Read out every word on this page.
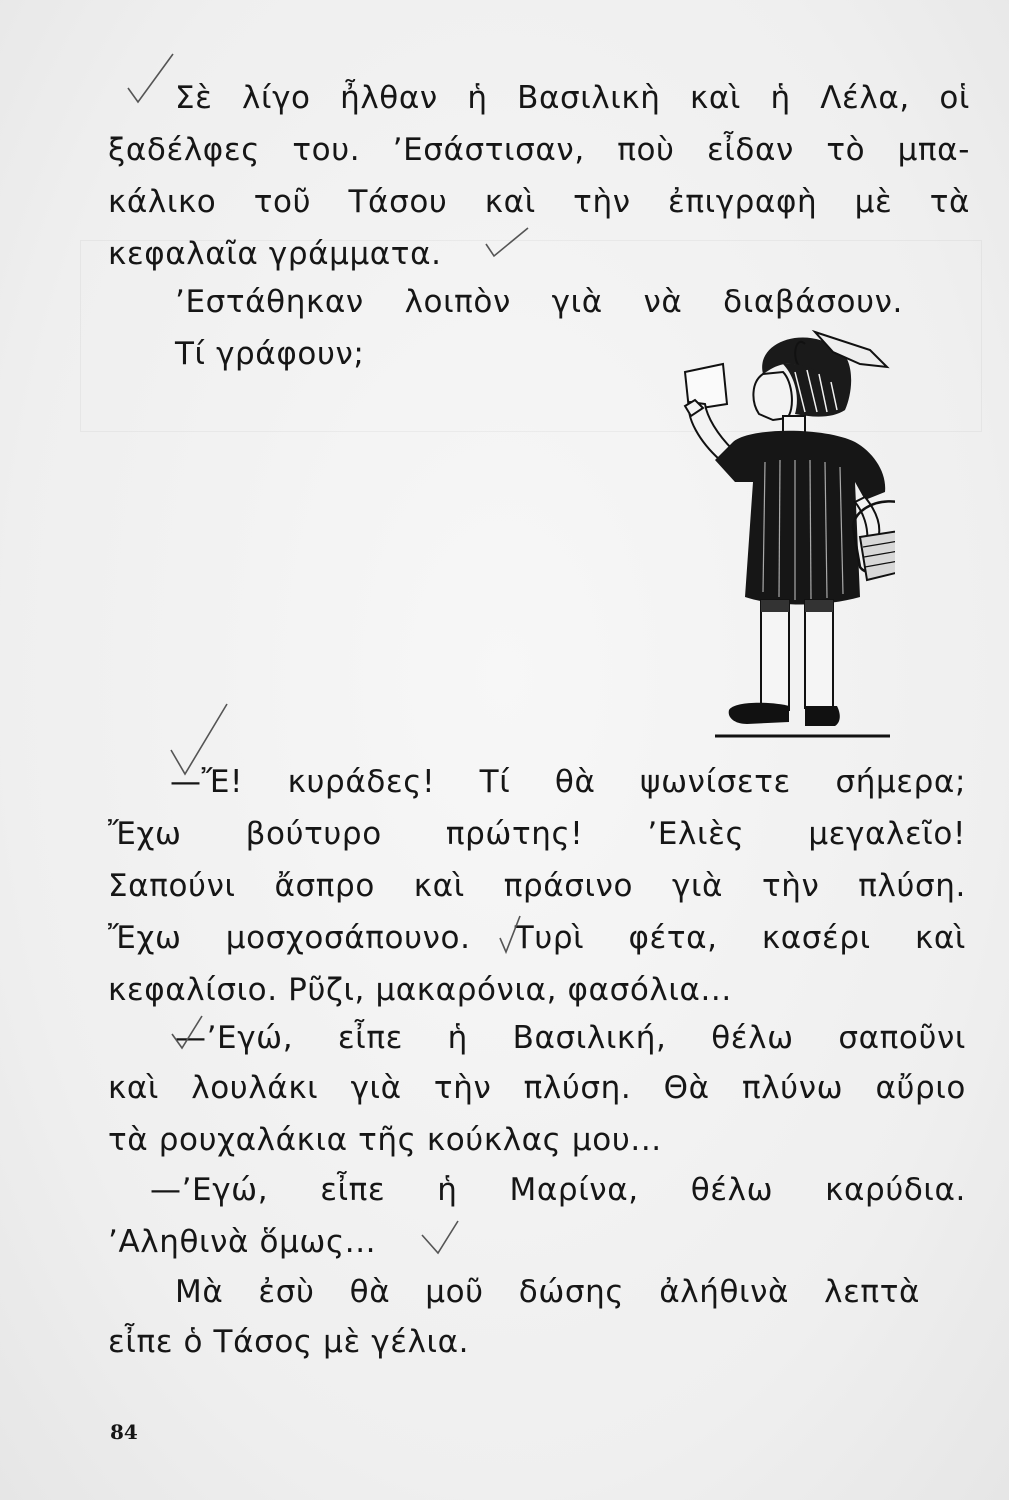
Σὲ λίγο ἦλθαν ἡ Βασιλικὴ καὶ ἡ Λέλα, οἱ
ξαδέλφες του. ’Εσάστισαν, ποὺ εἶδαν τὸ μπα-
κάλικο τοῦ Τάσου καὶ τὴν ἐπιγραφὴ μὲ τὰ
κεφαλαῖα γράμματα.
’Εστάθηκαν λοιπὸν γιὰ νὰ διαβάσουν.
Τί γράφουν;
—Ἔ! κυράδες! Τί θὰ ψωνίσετε σήμερα;
Ἔχω βούτυρο πρώτης! ’Ελιὲς μεγαλεῖο!
Σαπούνι ἄσπρο καὶ πράσινο γιὰ τὴν πλύση.
Ἔχω μοσχοσάπουνο. Τυρὶ φέτα, κασέρι καὶ
κεφαλίσιο. Ρῦζι, μακαρόνια, φασόλια...
—’Εγώ, εἶπε ἡ Βασιλική, θέλω σαποῦνι
καὶ λουλάκι γιὰ τὴν πλύση. Θὰ πλύνω αὔριο
τὰ ρουχαλάκια τῆς κούκλας μου...
—’Εγώ, εἶπε ἡ Μαρίνα, θέλω καρύδια.
’Αληθινὰ ὅμως...
Μὰ ἐσὺ θὰ μοῦ δώσης ἀλήθινὰ λεπτὰ
εἶπε ὁ Τάσος μὲ γέλια.
84
